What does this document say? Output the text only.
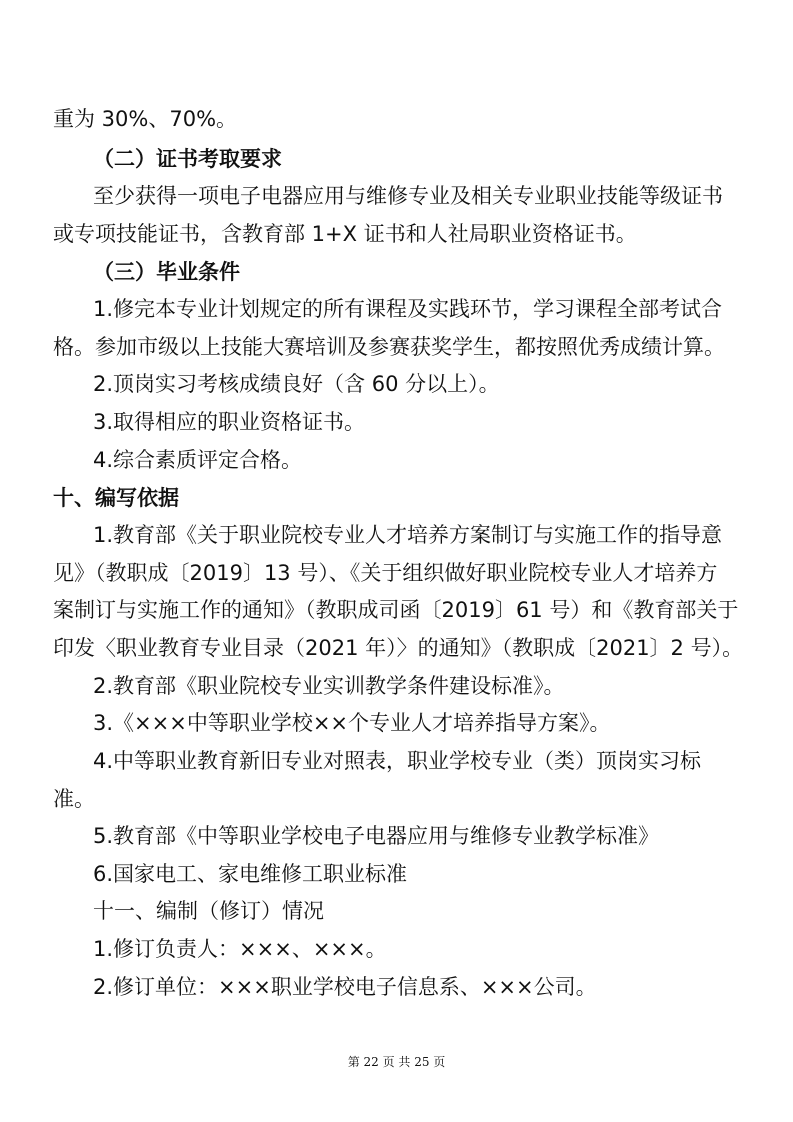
重为 30%、70%。
（二）证书考取要求
至少获得一项电子电器应用与维修专业及相关专业职业技能等级证书
或专项技能证书，含教育部 1+X 证书和人社局职业资格证书。
（三）毕业条件
1.修完本专业计划规定的所有课程及实践环节，学习课程全部考试合
格。参加市级以上技能大赛培训及参赛获奖学生，都按照优秀成绩计算。
2.顶岗实习考核成绩良好（含 60 分以上）。
3.取得相应的职业资格证书。
4.综合素质评定合格。
十、编写依据
1.教育部《关于职业院校专业人才培养方案制订与实施工作的指导意
见》（教职成〔2019〕13 号）、《关于组织做好职业院校专业人才培养方
案制订与实施工作的通知》（教职成司函〔2019〕61 号）和《教育部关于
印发〈职业教育专业目录（2021 年）〉的通知》（教职成〔2021〕2 号）。
2.教育部《职业院校专业实训教学条件建设标准》。
3.《×××中等职业学校××个专业人才培养指导方案》。
4.中等职业教育新旧专业对照表，职业学校专业（类）顶岗实习标
准。
5.教育部《中等职业学校电子电器应用与维修专业教学标准》
6.国家电工、家电维修工职业标准
十一、编制（修订）情况
1.修订负责人：×××、×××。
2.修订单位：×××职业学校电子信息系、×××公司。
第 22 页 共 25 页
